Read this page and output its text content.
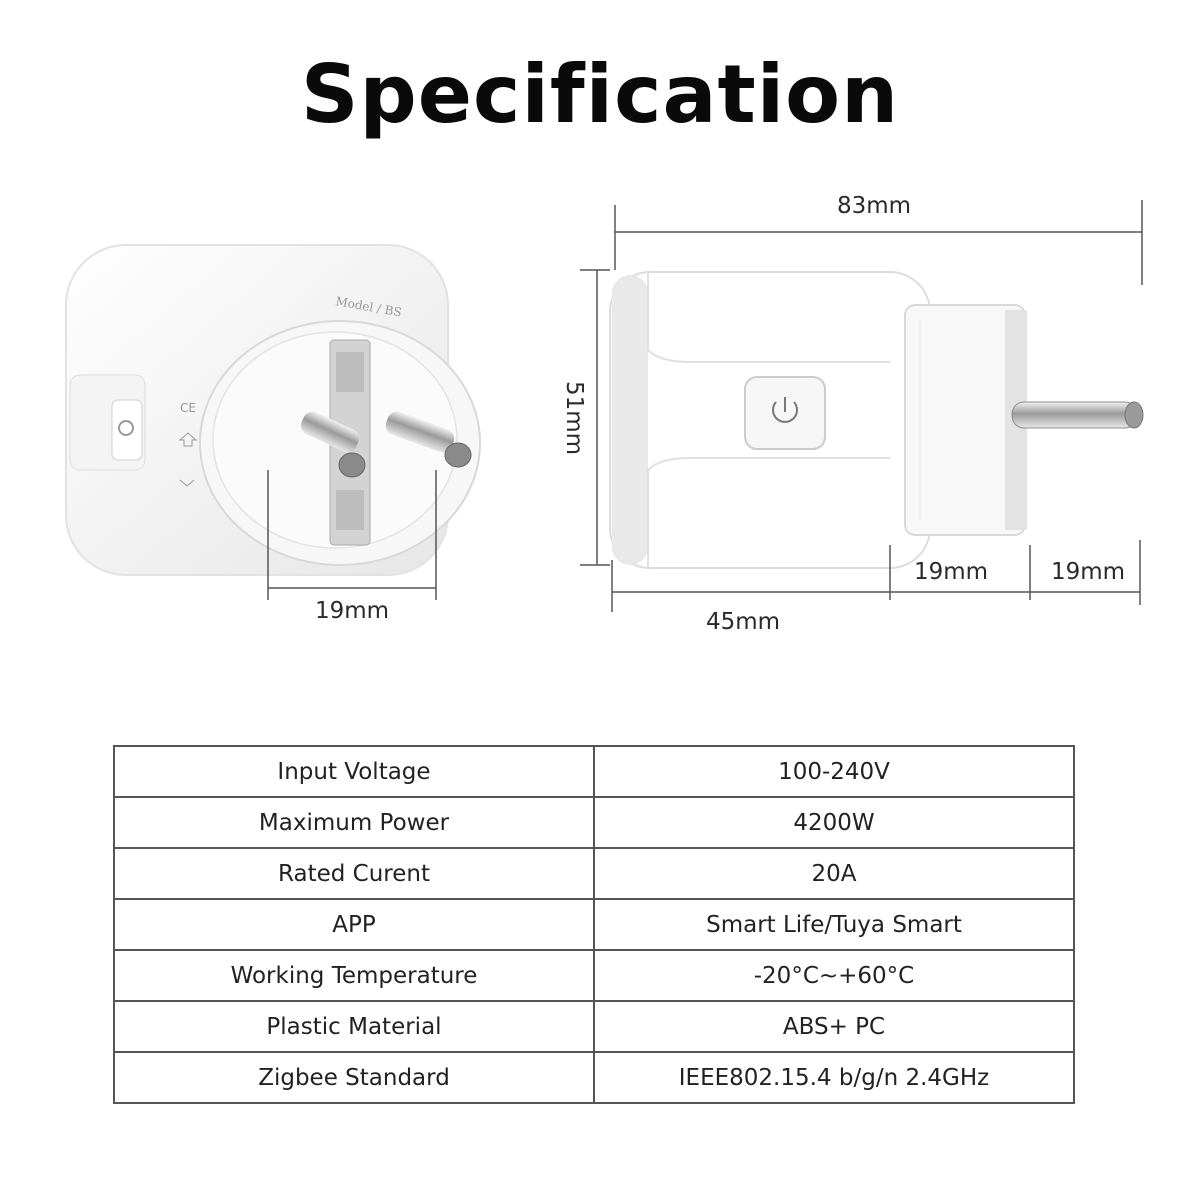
Specification
Model / BS
CE
19mm
83mm
51mm
45mm
19mm	19mm
Input Voltage	100-240V
Maximum Power	4200W
Rated Curent	20A
APP	Smart Life/Tuya Smart
Working Temperature	-20°C~+60°C
Plastic Material	ABS+ PC
Zigbee Standard	IEEE802.15.4 b/g/n 2.4GHz
